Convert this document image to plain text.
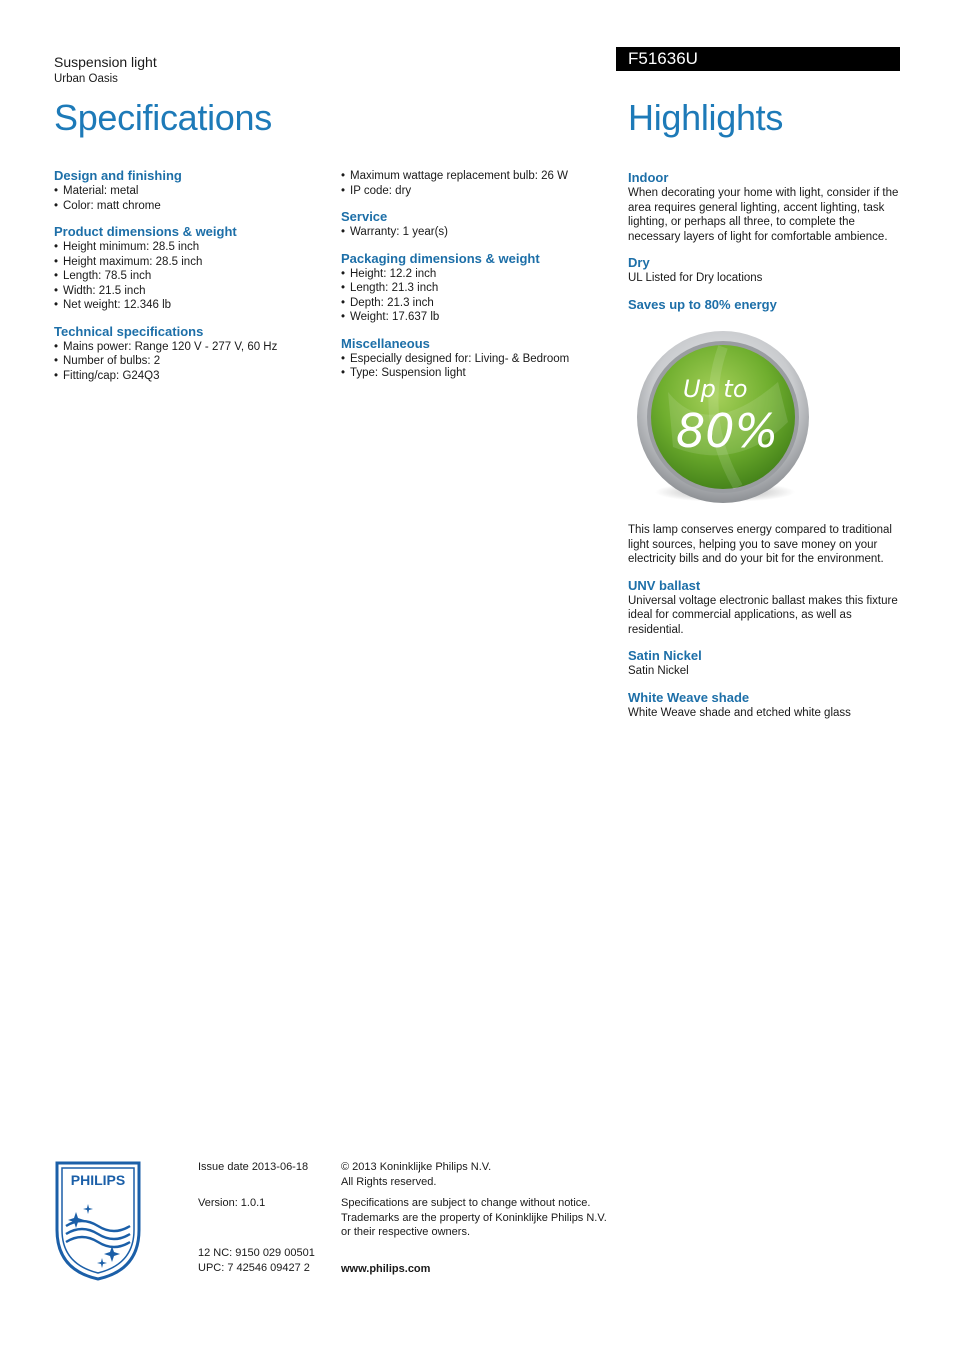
Suspension light
Urban Oasis
F51636U
Specifications	Highlights

Design and finishing

• Material: metal
• Color: matt chrome

Product dimensions & weight

• Height minimum: 28.5 inch
• Height maximum: 28.5 inch
• Length: 78.5 inch
• Width: 21.5 inch
• Net weight: 12.346 lb

Technical specifications

• Mains power: Range 120 V - 277 V, 60 Hz
• Number of bulbs: 2
• Fitting/cap: G24Q3
• Maximum wattage replacement bulb: 26 W
• IP code: dry

Service

• Warranty: 1 year(s)

Packaging dimensions & weight

• Height: 12.2 inch
• Length: 21.3 inch
• Depth: 21.3 inch
• Weight: 17.637 lb

Miscellaneous

• Especially designed for: Living- & Bedroom
• Type: Suspension light

Indoor

When decorating your home with light, consider if the area requires general lighting, accent lighting, task lighting, or perhaps all three, to complete the necessary layers of light for comfortable ambience.

Dry

UL Listed for Dry locations

Saves up to 80% energy

Up to
80%

This lamp conserves energy compared to traditional light sources, helping you to save money on your electricity bills and do your bit for the environment.

UNV ballast

Universal voltage electronic ballast makes this fixture ideal for commercial applications, as well as residential.

Satin Nickel

Satin Nickel

White Weave shade

White Weave shade and etched white glass

PHILIPS
Issue date 2013-06-18
Version: 1.0.1
12 NC: 9150 029 00501
UPC: 7 42546 09427 2
© 2013 Koninklijke Philips N.V.
All Rights reserved.
Specifications are subject to change without notice.
Trademarks are the property of Koninklijke Philips N.V.
or their respective owners.
www.philips.com
